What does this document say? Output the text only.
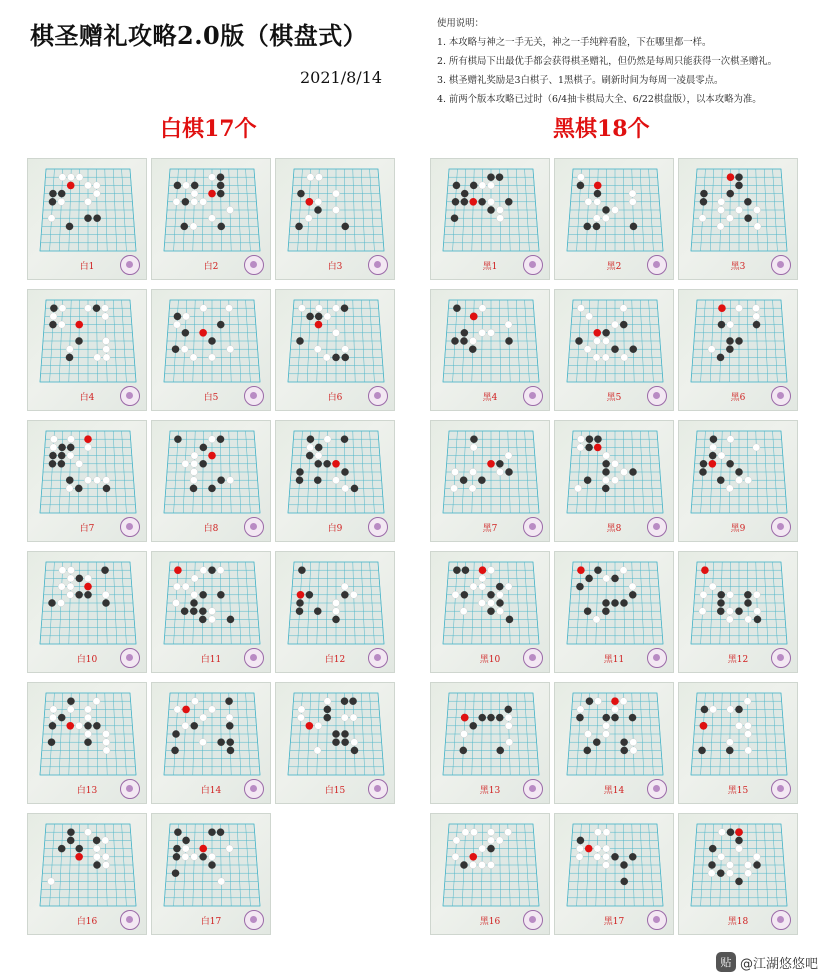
棋圣赠礼攻略2.0版（棋盘式）
2021/8/14
使用说明：
1. 本攻略与神之一手无关，神之一手纯粹看脸，下在哪里都一样。
2. 所有棋局下出最优手都会获得棋圣赠礼，但仍然是每周只能获得一次棋圣赠礼。
3. 棋圣赠礼奖励是3白棋子、1黑棋子。刷新时间为每周一凌晨零点。
4. 前两个版本攻略已过时（6/4抽卡棋局大全、6/22棋盘版），以本攻略为准。
白棋17个	黑棋18个
白1	白2	白3
白4	白5	白6
白7	白8	白9
白10	白11	白12
白13	白14	白15
白16	白17
黑1	黑2	黑3
黑4	黑5	黑6
黑7	黑8	黑9
黑10	黑11	黑12
黑13	黑14	黑15
黑16	黑17	黑18
贴 @江湖悠悠吧
